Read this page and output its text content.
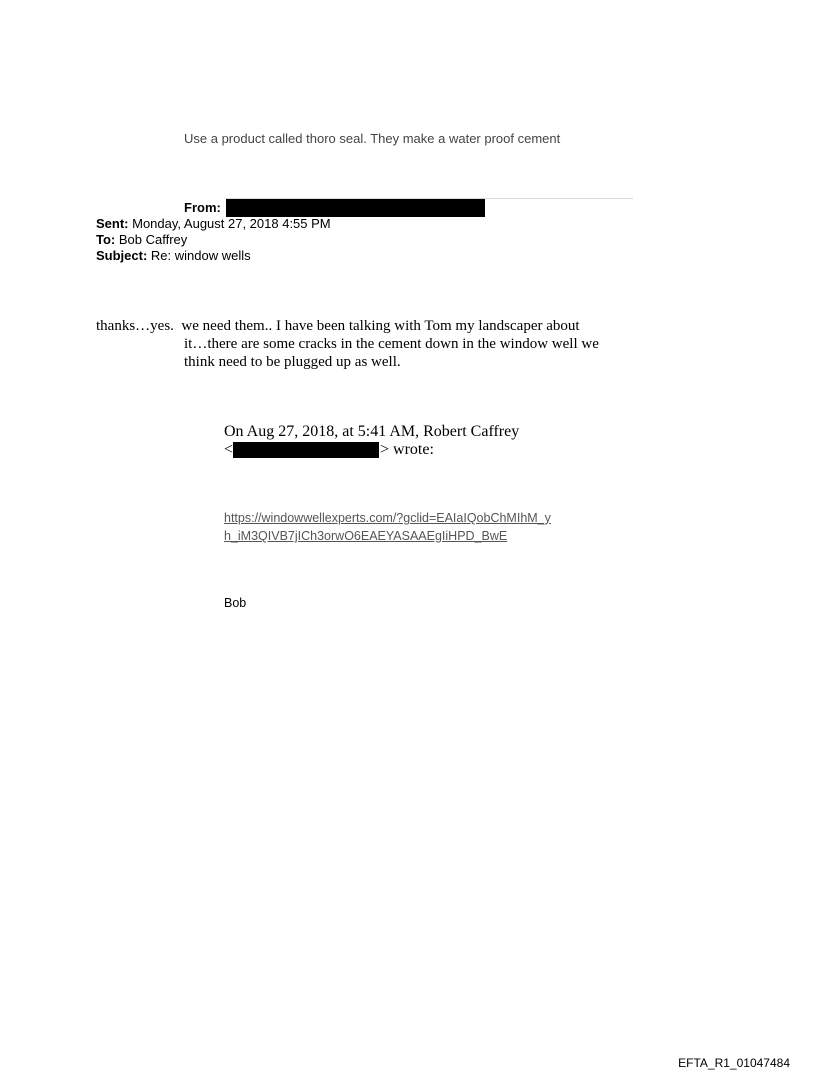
Use a product called thoro seal. They make a water proof cement
From:
Sent: Monday, August 27, 2018 4:55 PM
To: Bob Caffrey
Subject: Re: window wells
thanks…yes. we need them.. I have been talking with Tom my landscaper about
it…there are some cracks in the cement down in the window well we
think need to be plugged up as well.
On Aug 27, 2018, at 5:41 AM, Robert Caffrey
<	> wrote:
https://windowwellexperts.com/?gclid=EAIaIQobChMIhM_y
h_iM3QIVB7jICh3orwO6EAEYASAAEgIiHPD_BwE
Bob
EFTA_R1_01047484
